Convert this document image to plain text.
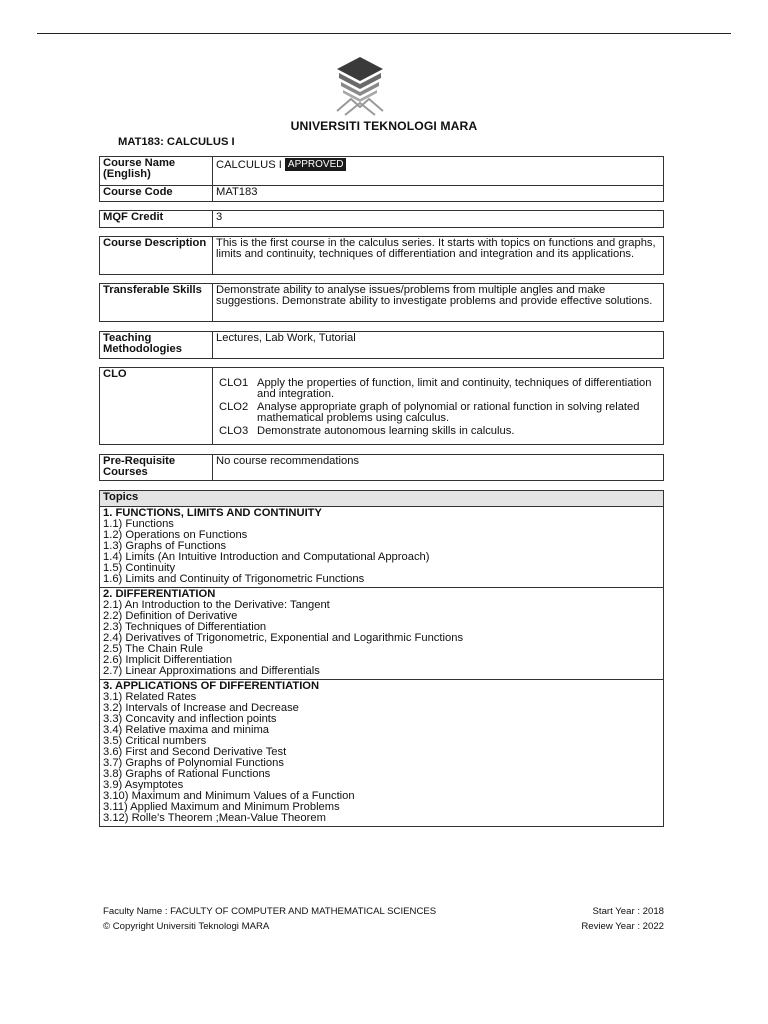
UNIVERSITI TEKNOLOGI MARA
MAT183: CALCULUS I
Course Name (English)	CALCULUS I APPROVED
Course Code	MAT183
MQF Credit	3
Course Description	This is the first course in the calculus series. It starts with topics on functions and graphs, limits and continuity, techniques of differentiation and integration and its applications.
Transferable Skills	Demonstrate ability to analyse issues/problems from multiple angles and make suggestions. Demonstrate ability to investigate problems and provide effective solutions.
Teaching Methodologies	Lectures, Lab Work, Tutorial
CLO	
CLO1 Apply the properties of function, limit and continuity, techniques of differentiation and integration.
CLO2 Analyse appropriate graph of polynomial or rational function in solving related mathematical problems using calculus.
CLO3 Demonstrate autonomous learning skills in calculus.
Pre-Requisite Courses	No course recommendations
Topics

1. FUNCTIONS, LIMITS AND CONTINUITY
1.1) Functions
1.2) Operations on Functions
1.3) Graphs of Functions
1.4) Limits (An Intuitive Introduction and Computational Approach)
1.5) Continuity
1.6) Limits and Continuity of Trigonometric Functions

2. DIFFERENTIATION
2.1) An Introduction to the Derivative: Tangent
2.2) Definition of Derivative
2.3) Techniques of Differentiation
2.4) Derivatives of Trigonometric, Exponential and Logarithmic Functions
2.5) The Chain Rule
2.6) Implicit Differentiation
2.7) Linear Approximations and Differentials

3. APPLICATIONS OF DIFFERENTIATION
3.1) Related Rates
3.2) Intervals of Increase and Decrease
3.3) Concavity and inflection points
3.4) Relative maxima and minima
3.5) Critical numbers
3.6) First and Second Derivative Test
3.7) Graphs of Polynomial Functions
3.8) Graphs of Rational Functions
3.9) Asymptotes
3.10) Maximum and Minimum Values of a Function
3.11) Applied Maximum and Minimum Problems
3.12) Rolle's Theorem ;Mean-Value Theorem
Faculty Name : FACULTY OF COMPUTER AND MATHEMATICAL SCIENCES	Start Year : 2018
© Copyright Universiti Teknologi MARA	Review Year : 2022
